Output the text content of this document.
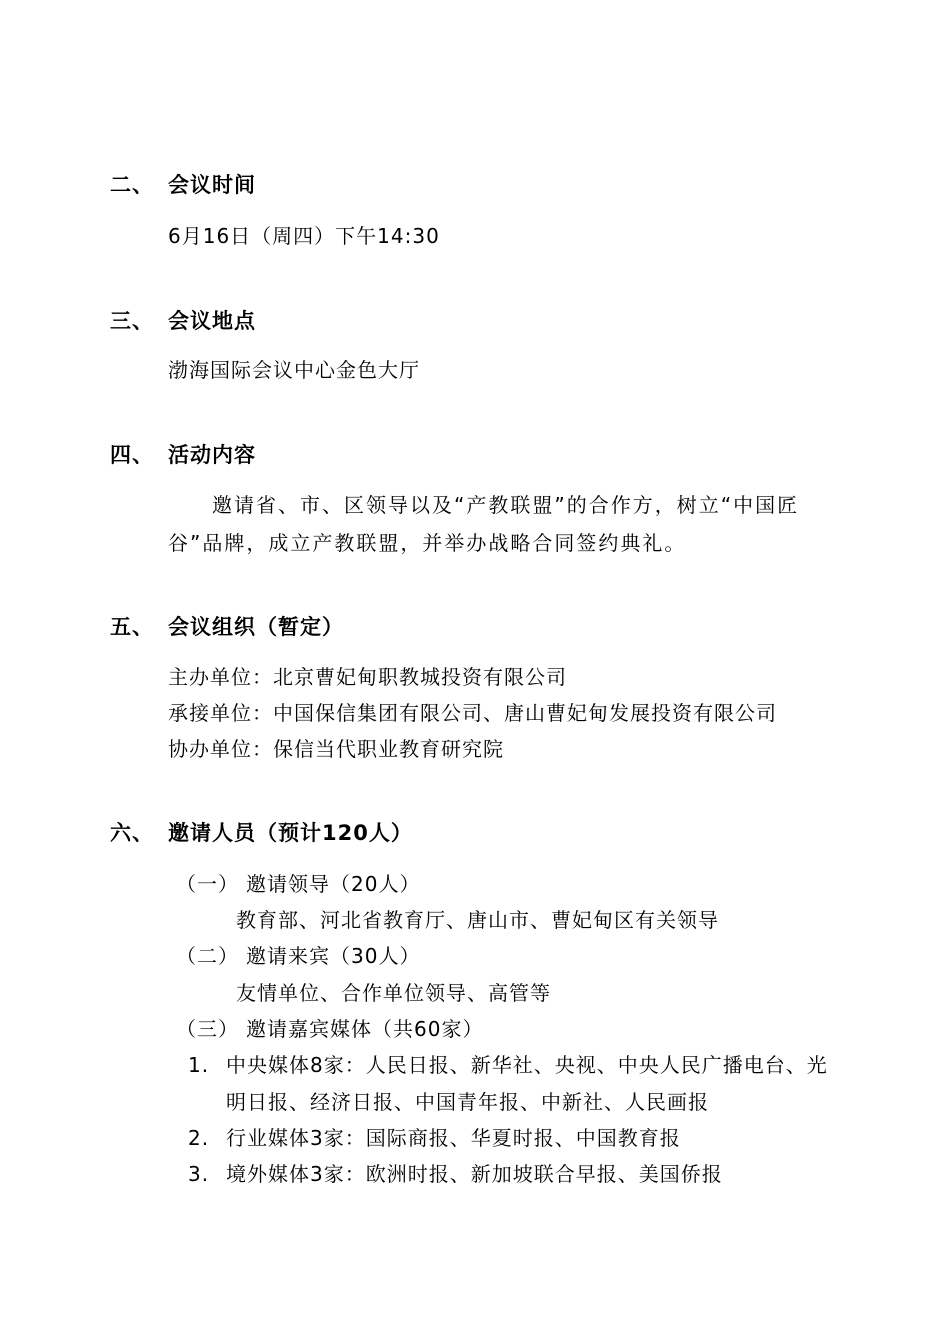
二、 会议时间
6月16日（周四）下午14:30
三、 会议地点
渤海国际会议中心金色大厅
四、 活动内容
邀请省、市、区领导以及“产教联盟”的合作方，树立“中国匠
谷”品牌，成立产教联盟，并举办战略合同签约典礼。
五、 会议组织（暂定）
主办单位：北京曹妃甸职教城投资有限公司
承接单位：中国保信集团有限公司、唐山曹妃甸发展投资有限公司
协办单位：保信当代职业教育研究院
六、 邀请人员（预计120人）
（一） 邀请领导（20人）
教育部、河北省教育厅、唐山市、曹妃甸区有关领导
（二） 邀请来宾（30人）
友情单位、合作单位领导、高管等
（三） 邀请嘉宾媒体（共60家）
1. 中央媒体8家：人民日报、新华社、央视、中央人民广播电台、光
明日报、经济日报、中国青年报、中新社、人民画报
2. 行业媒体3家：国际商报、华夏时报、中国教育报
3. 境外媒体3家：欧洲时报、新加坡联合早报、美国侨报
